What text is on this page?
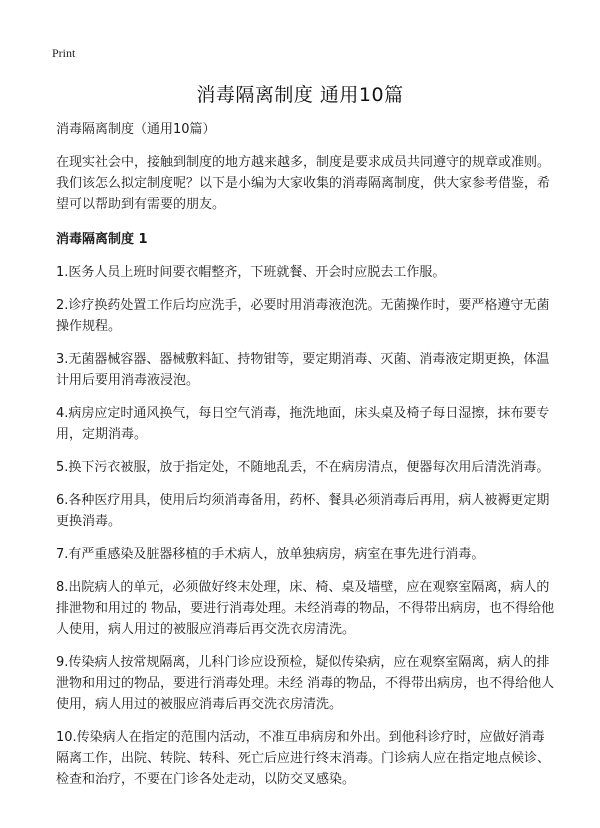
Print
消毒隔离制度 通用10篇

消毒隔离制度（通用10篇）

在现实社会中，接触到制度的地方越来越多，制度是要求成员共同遵守的规章或准则。我们该怎么拟定制度呢？以下是小编为大家收集的消毒隔离制度，供大家参考借鉴，希望可以帮助到有需要的朋友。

消毒隔离制度 1

1.医务人员上班时间要衣帽整齐，下班就餐、开会时应脱去工作服。

2.诊疗换药处置工作后均应洗手，必要时用消毒液泡洗。无菌操作时，要严格遵守无菌操作规程。

3.无菌器械容器、器械敷料缸、持物钳等，要定期消毒、灭菌、消毒液定期更换，体温计用后要用消毒液浸泡。

4.病房应定时通风换气，每日空气消毒，拖洗地面，床头桌及椅子每日湿擦，抹布要专用，定期消毒。

5.换下污衣被服，放于指定处，不随地乱丢，不在病房清点，便器每次用后清洗消毒。

6.各种医疗用具，使用后均须消毒备用，药杯、餐具必须消毒后再用，病人被褥更定期更换消毒。

7.有严重感染及脏器移植的手术病人，放单独病房，病室在事先进行消毒。

8.出院病人的单元，必须做好终末处理，床、椅、桌及墙壁，应在观察室隔离，病人的排泄物和用过的 物品，要进行消毒处理。未经消毒的物品，不得带出病房，也不得给他人使用，病人用过的被服应消毒后再交洗衣房清洗。

9.传染病人按常规隔离，儿科门诊应设预检，疑似传染病，应在观察室隔离，病人的排泄物和用过的物品，要进行消毒处理。未经 消毒的物品，不得带出病房，也不得给他人使用，病人用过的被服应消毒后再交洗衣房清洗。

10.传染病人在指定的范围内活动，不准互串病房和外出。到他科诊疗时，应做好消毒隔离工作，出院、转院、转科、死亡后应进行终末消毒。门诊病人应在指定地点候诊、检查和治疗，不要在门诊各处走动，以防交叉感染。
